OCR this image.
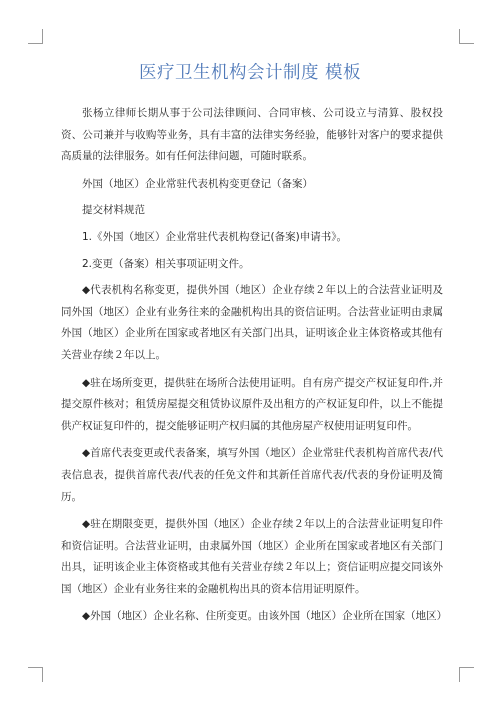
医疗卫生机构会计制度 模板

张杨立律师长期从事于公司法律顾问、合同审核、公司设立与清算、股权投资、公司兼并与收购等业务，具有丰富的法律实务经验，能够针对客户的要求提供高质量的法律服务。如有任何法律问题，可随时联系。

外国（地区）企业常驻代表机构变更登记（备案）

提交材料规范

1.《外国（地区）企业常驻代表机构登记(备案)申请书》。

2.变更（备案）相关事项证明文件。

◆代表机构名称变更，提供外国（地区）企业存续２年以上的合法营业证明及同外国（地区）企业有业务往来的金融机构出具的资信证明。合法营业证明由隶属外国（地区）企业所在国家或者地区有关部门出具，证明该企业主体资格或其他有关营业存续２年以上。

◆驻在场所变更，提供驻在场所合法使用证明。自有房产提交产权证复印件,并提交原件核对；租赁房屋提交租赁协议原件及出租方的产权证复印件，以上不能提供产权证复印件的，提交能够证明产权归属的其他房屋产权使用证明复印件。

◆首席代表变更或代表备案，填写外国（地区）企业常驻代表机构首席代表/代表信息表，提供首席代表/代表的任免文件和其新任首席代表/代表的身份证明及简历。

◆驻在期限变更，提供外国（地区）企业存续２年以上的合法营业证明复印件和资信证明。合法营业证明，由隶属外国（地区）企业所在国家或者地区有关部门出具，证明该企业主体资格或其他有关营业存续２年以上；资信证明应提交同该外国（地区）企业有业务往来的金融机构出具的资本信用证明原件。

◆外国（地区）企业名称、住所变更。由该外国（地区）企业所在国家（地区）
